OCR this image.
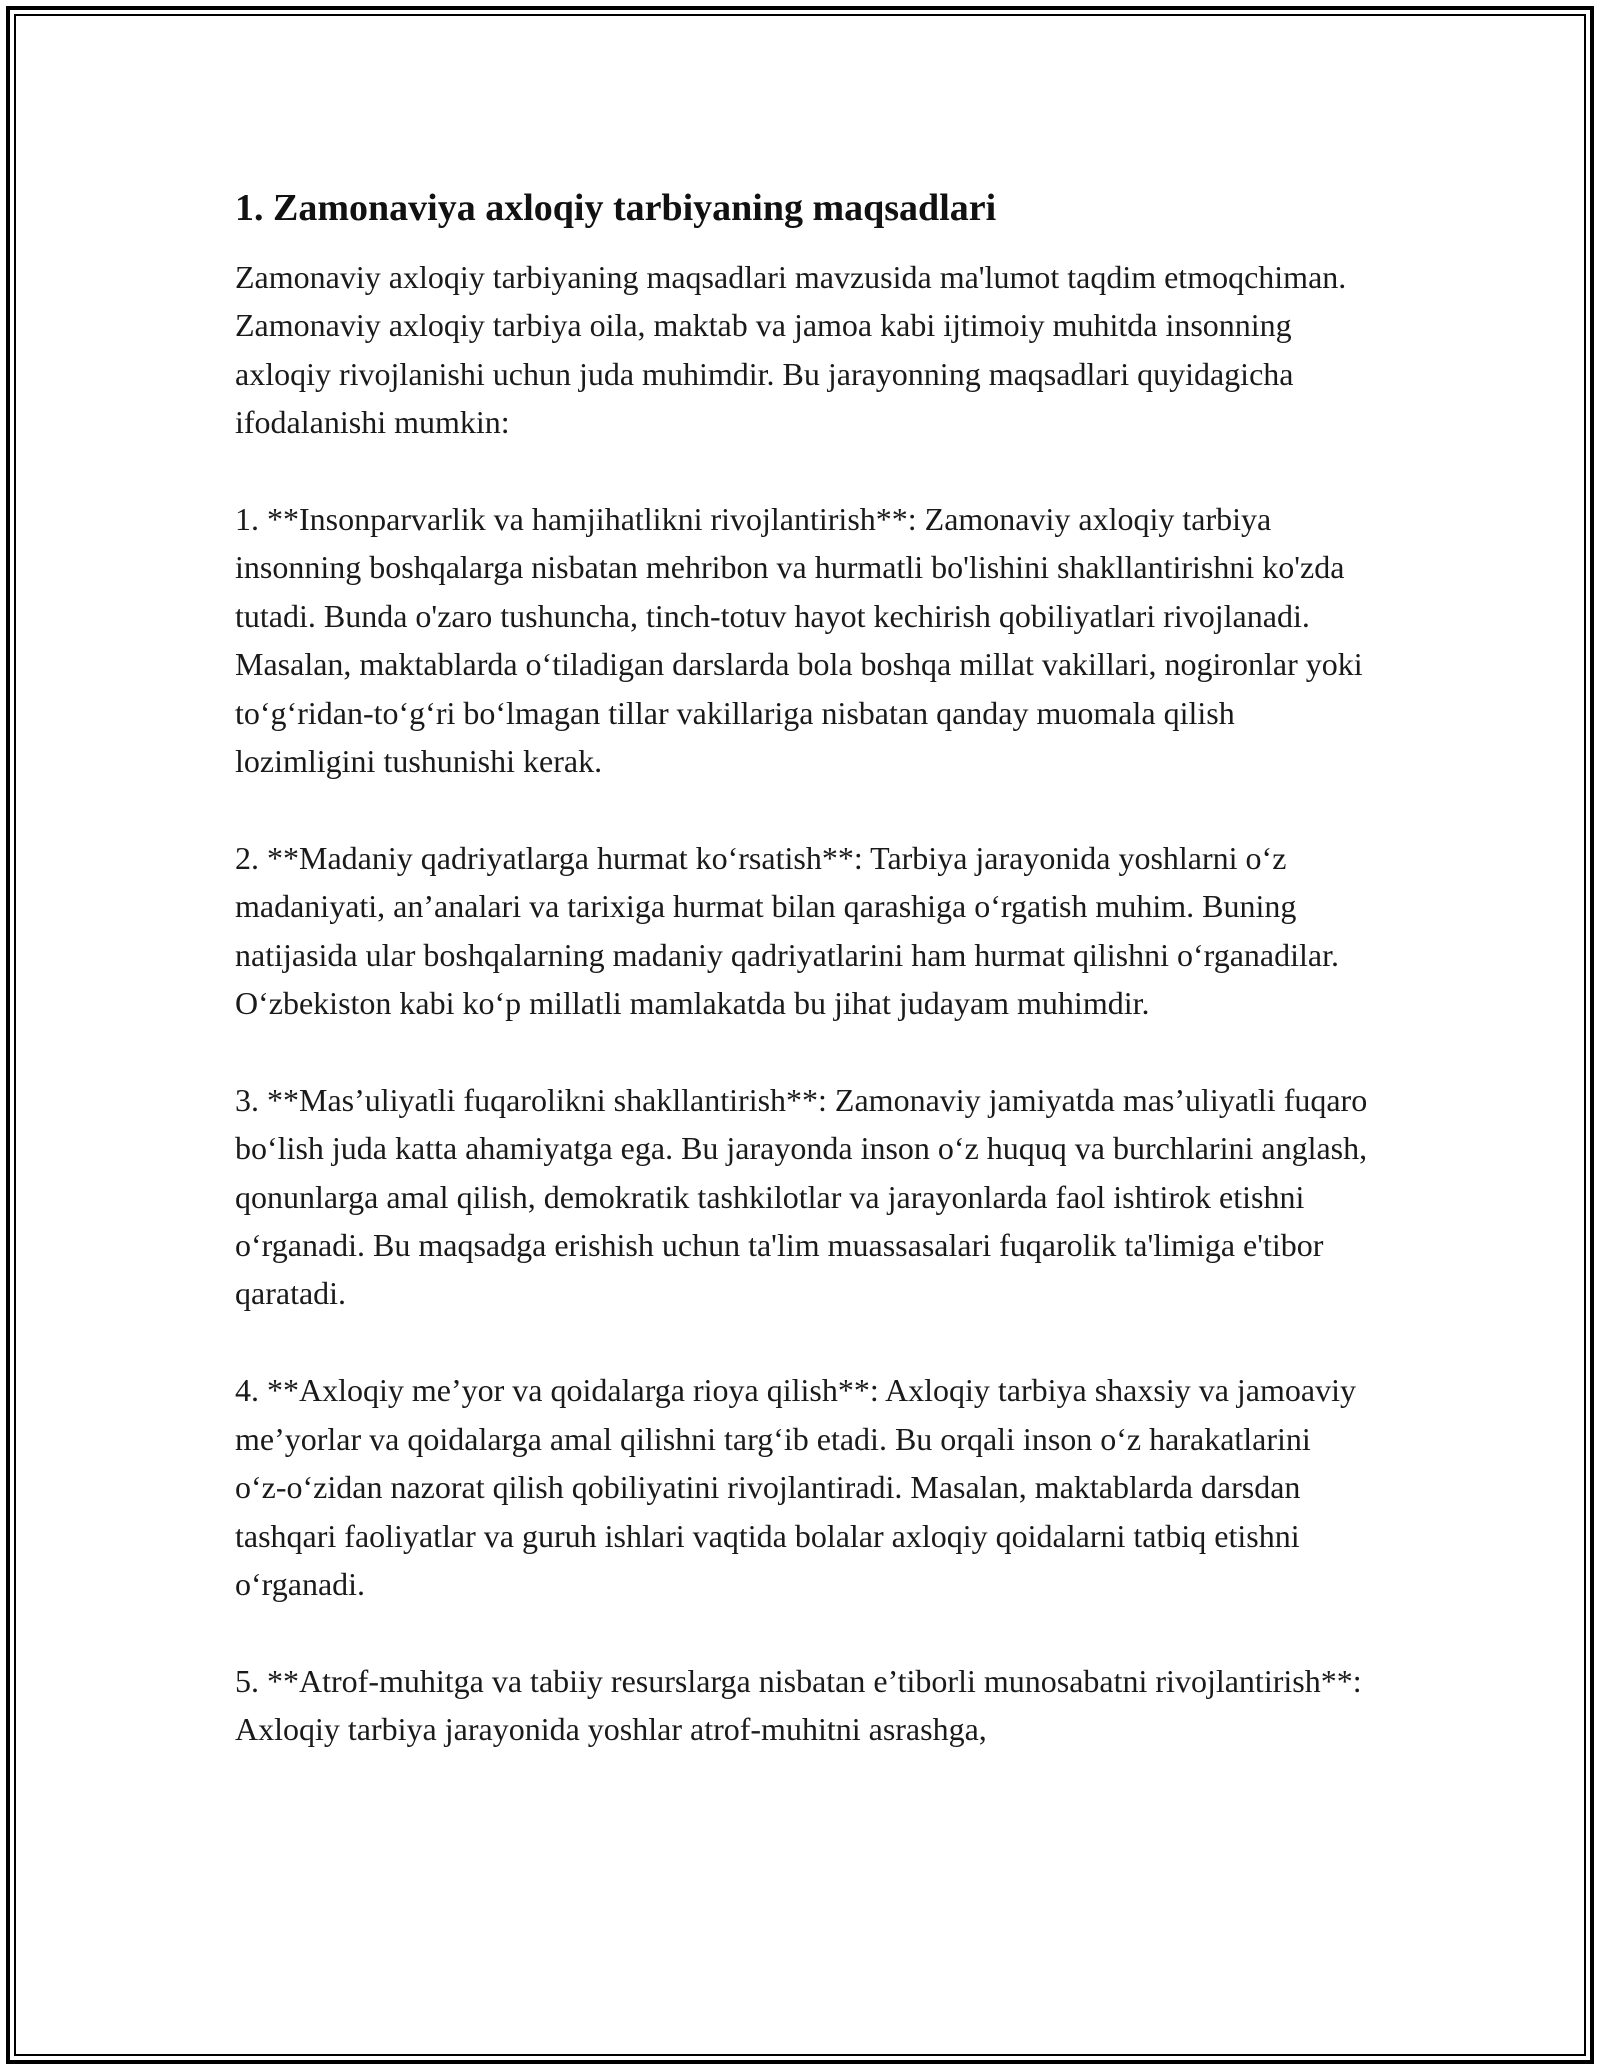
1. Zamonaviya axloqiy tarbiyaning maqsadlari

Zamonaviy axloqiy tarbiyaning maqsadlari mavzusida ma'lumot taqdim etmoqchiman. Zamonaviy axloqiy tarbiya oila, maktab va jamoa kabi ijtimoiy muhitda insonning axloqiy rivojlanishi uchun juda muhimdir. Bu jarayonning maqsadlari quyidagicha ifodalanishi mumkin:

1. **Insonparvarlik va hamjihatlikni rivojlantirish**: Zamonaviy axloqiy tarbiya insonning boshqalarga nisbatan mehribon va hurmatli bo'lishini shakllantirishni ko'zda tutadi. Bunda o'zaro tushuncha, tinch-totuv hayot kechirish qobiliyatlari rivojlanadi. Masalan, maktablarda o‘tiladigan darslarda bola boshqa millat vakillari, nogironlar yoki to‘g‘ridan-to‘g‘ri bo‘lmagan tillar vakillariga nisbatan qanday muomala qilish lozimligini tushunishi kerak.

2. **Madaniy qadriyatlarga hurmat ko‘rsatish**: Tarbiya jarayonida yoshlarni o‘z madaniyati, an’analari va tarixiga hurmat bilan qarashiga o‘rgatish muhim. Buning natijasida ular boshqalarning madaniy qadriyatlarini ham hurmat qilishni o‘rganadilar. O‘zbekiston kabi ko‘p millatli mamlakatda bu jihat judayam muhimdir.

3. **Mas’uliyatli fuqarolikni shakllantirish**: Zamonaviy jamiyatda mas’uliyatli fuqaro bo‘lish juda katta ahamiyatga ega. Bu jarayonda inson o‘z huquq va burchlarini anglash, qonunlarga amal qilish, demokratik tashkilotlar va jarayonlarda faol ishtirok etishni o‘rganadi. Bu maqsadga erishish uchun ta'lim muassasalari fuqarolik ta'limiga e'tibor qaratadi.

4. **Axloqiy me’yor va qoidalarga rioya qilish**: Axloqiy tarbiya shaxsiy va jamoaviy me’yorlar va qoidalarga amal qilishni targ‘ib etadi. Bu orqali inson o‘z harakatlarini o‘z-o‘zidan nazorat qilish qobiliyatini rivojlantiradi. Masalan, maktablarda darsdan tashqari faoliyatlar va guruh ishlari vaqtida bolalar axloqiy qoidalarni tatbiq etishni o‘rganadi.

5. **Atrof-muhitga va tabiiy resurslarga nisbatan e’tiborli munosabatni rivojlantirish**: Axloqiy tarbiya jarayonida yoshlar atrof-muhitni asrashga,
